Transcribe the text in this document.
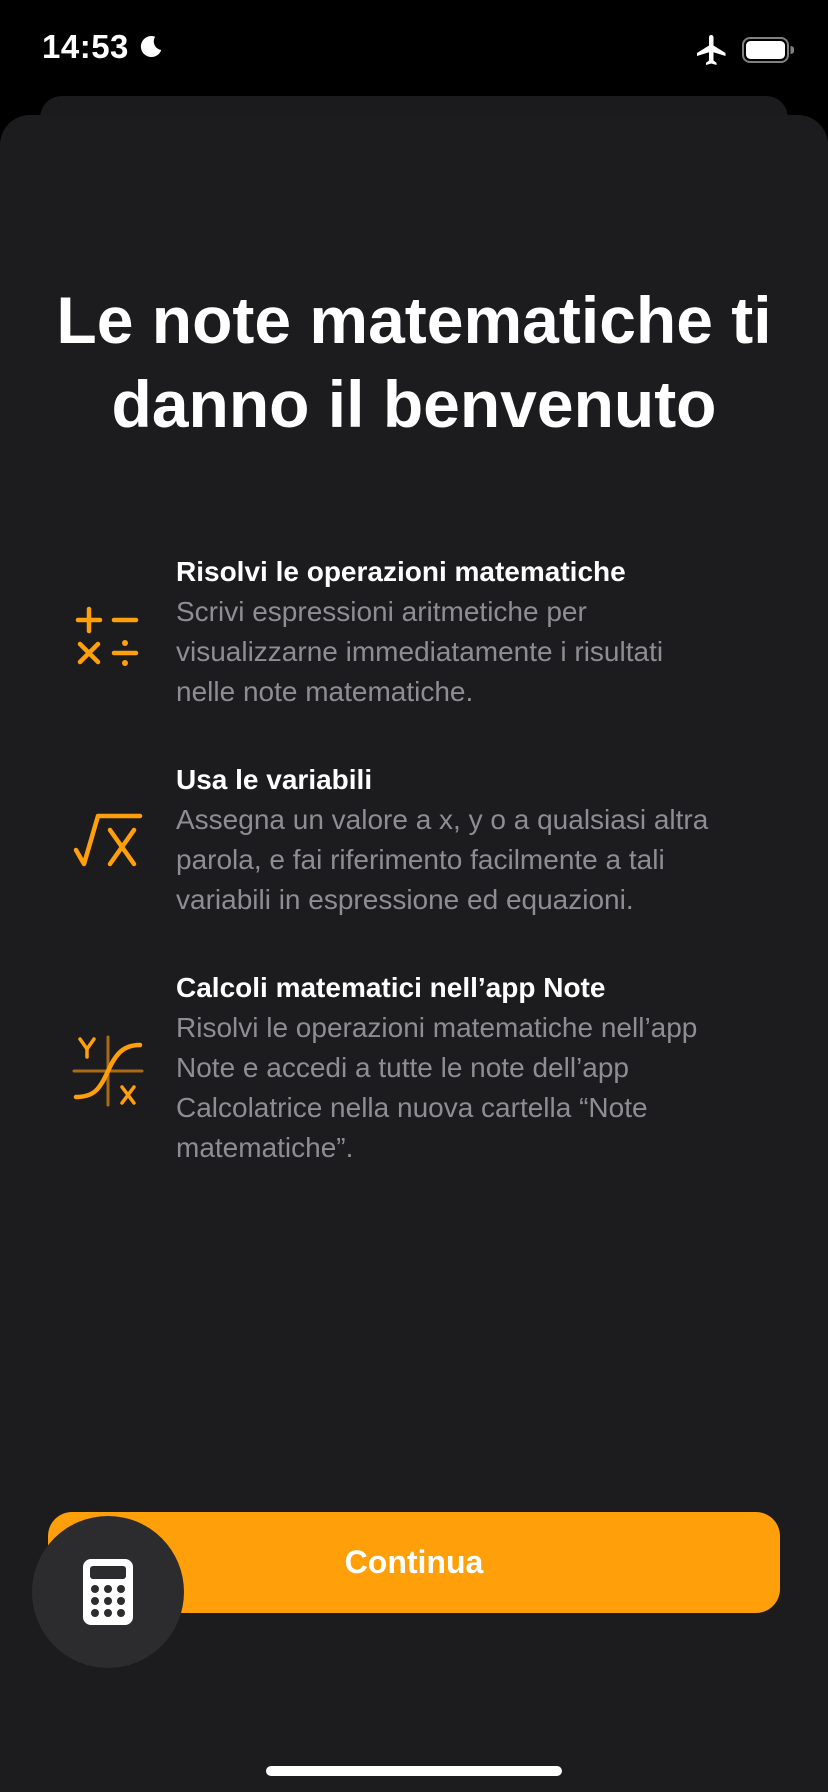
14:53
Le note matematiche ti
danno il benvenuto
Risolvi le operazioni matematiche
Scrivi espressioni aritmetiche per
visualizzarne immediatamente i risultati
nelle note matematiche.
Usa le variabili
Assegna un valore a x, y o a qualsiasi altra
parola, e fai riferimento facilmente a tali
variabili in espressione ed equazioni.
Calcoli matematici nell’app Note
Risolvi le operazioni matematiche nell’app
Note e accedi a tutte le note dell’app
Calcolatrice nella nuova cartella “Note
matematiche”.
Continua
